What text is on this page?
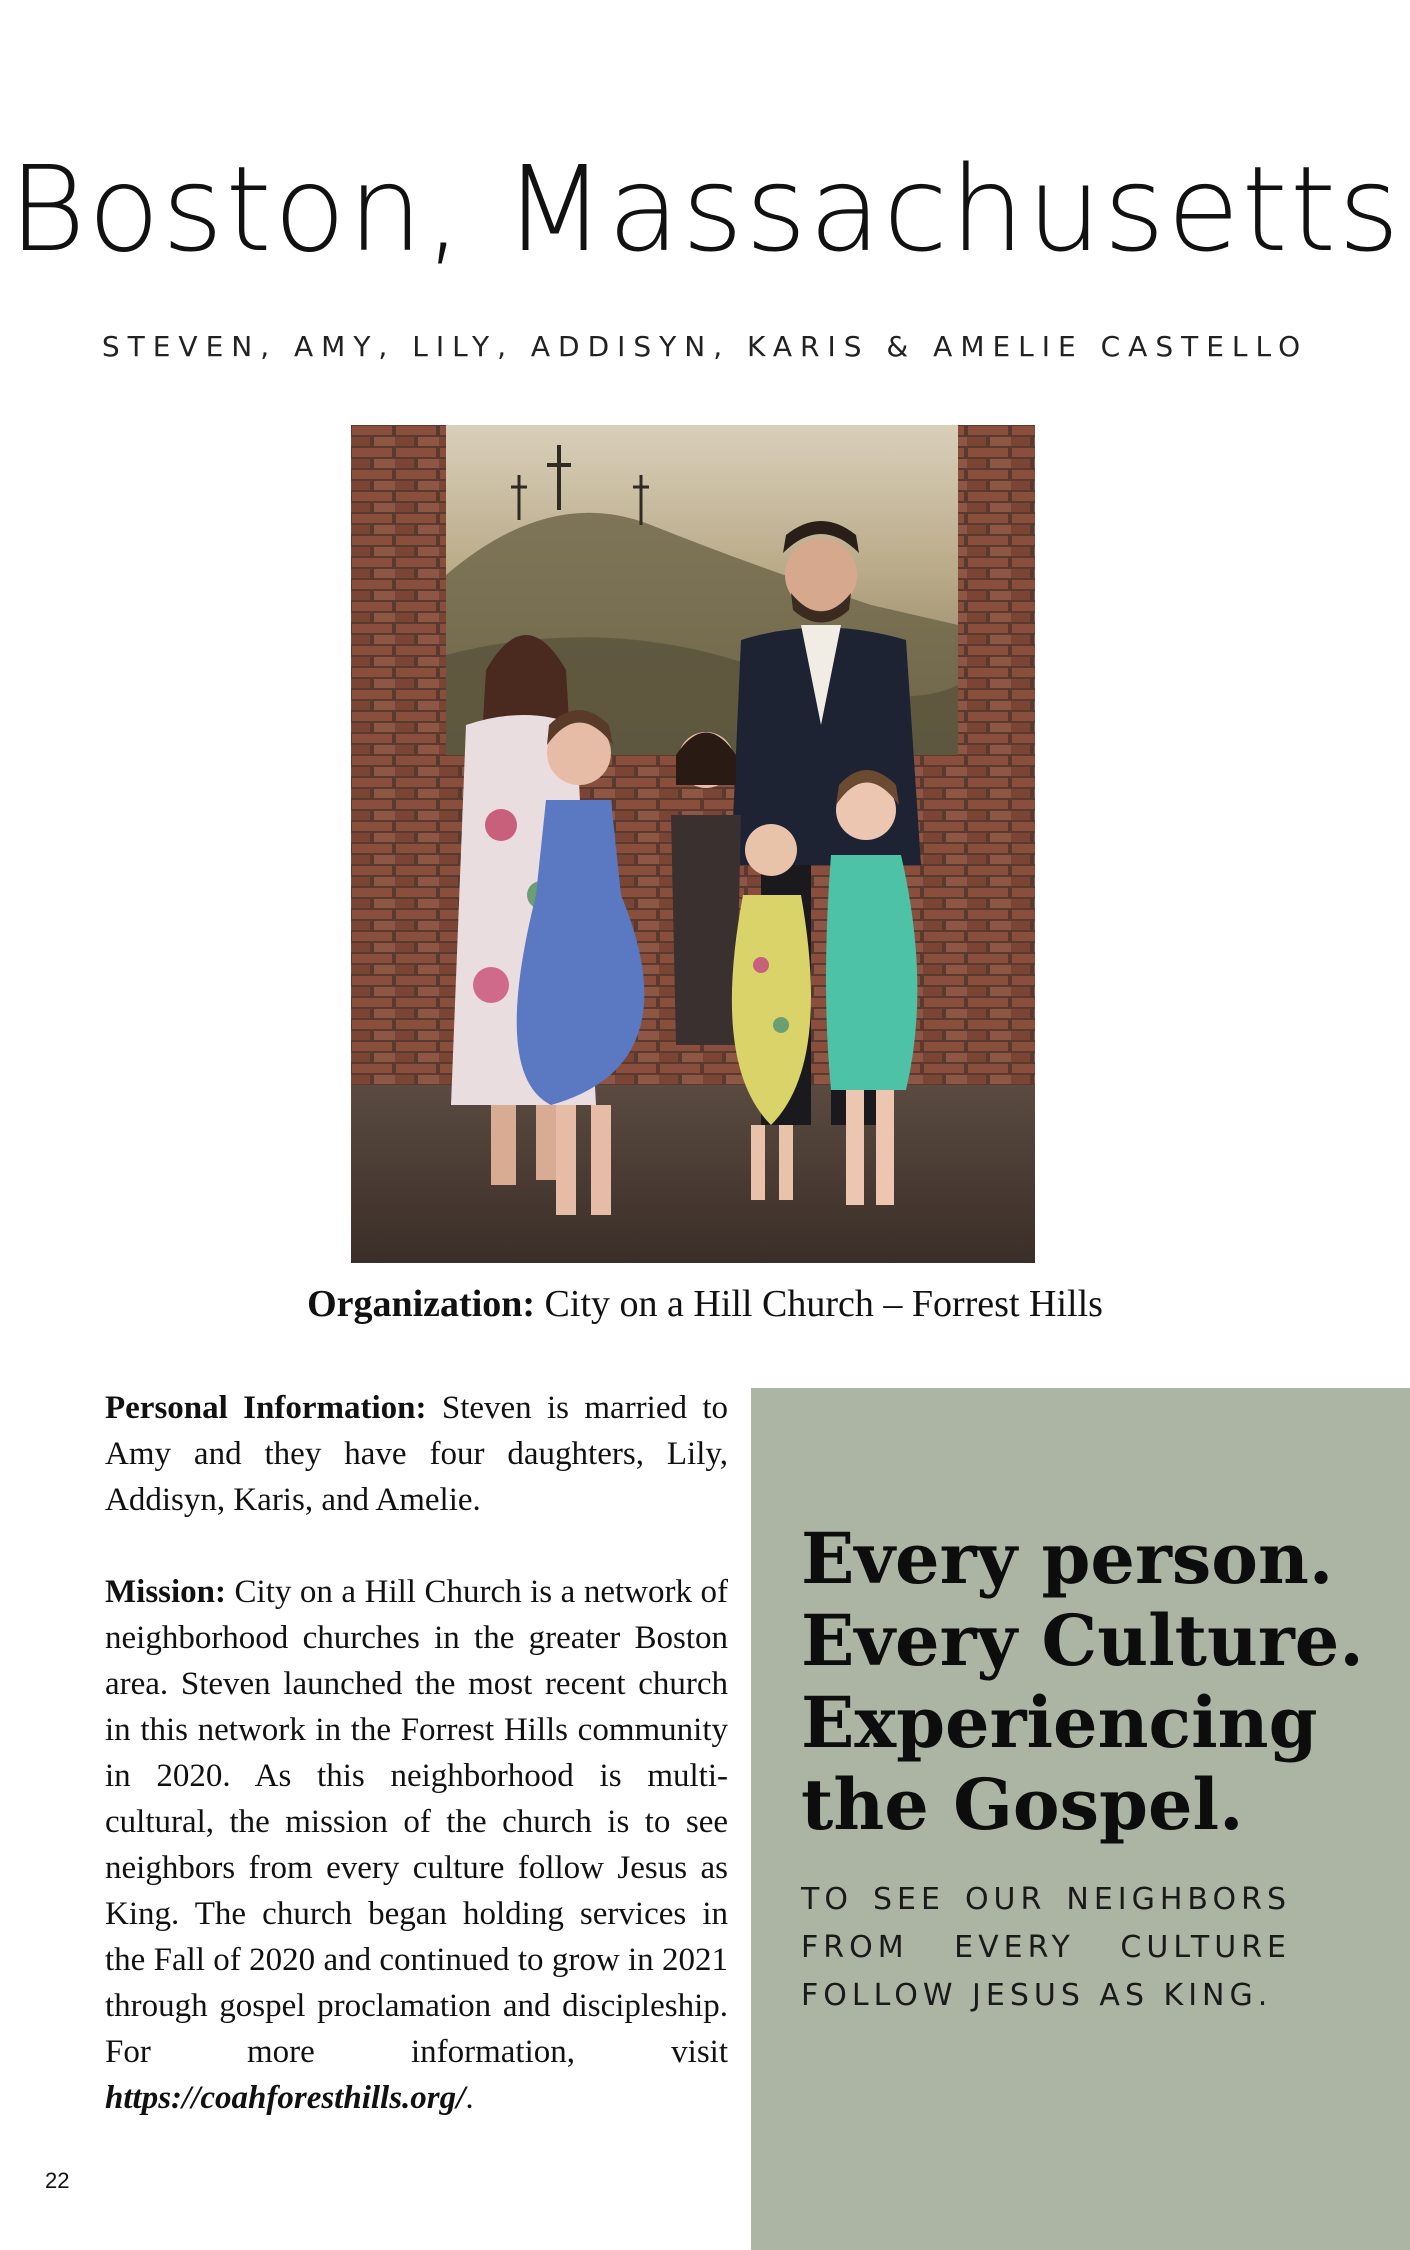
Boston, Massachusetts
STEVEN, AMY, LILY, ADDISYN, KARIS & AMELIE CASTELLO
Organization: City on a Hill Church – Forrest Hills

Personal Information: Steven is married to Amy and they have four daughters, Lily, Addisyn, Karis, and Amelie.

Mission: City on a Hill Church is a network of neighborhood churches in the greater Boston area. Steven launched the most recent church in this network in the Forrest Hills community in 2020. As this neighborhood is multi-cultural, the mission of the church is to see neighbors from every culture follow Jesus as King. The church began holding services in the Fall of 2020 and continued to grow in 2021 through gospel proclamation and discipleship. For more information, visit https://coahforesthills.org/.

22
Every person.
Every Culture.
Experiencing
the Gospel.
TO SEE OUR NEIGHBORS FROM EVERY CULTURE FOLLOW JESUS AS KING.
